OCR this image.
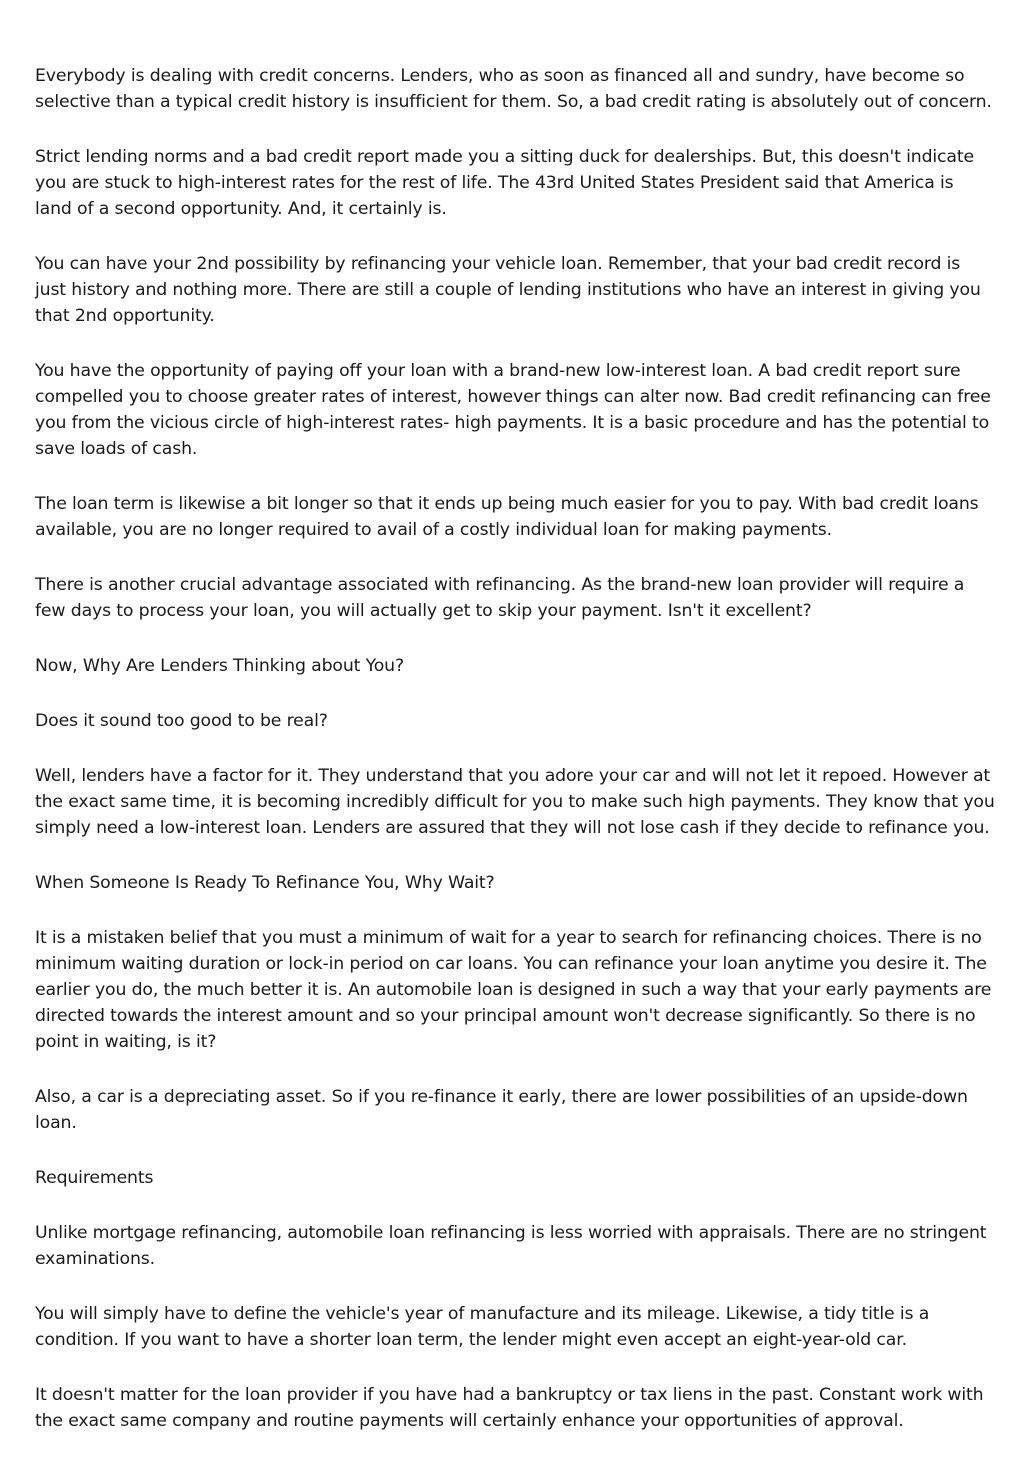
Everybody is dealing with credit concerns. Lenders, who as soon as financed all and sundry, have become so selective than a typical credit history is insufficient for them. So, a bad credit rating is absolutely out of concern.

Strict lending norms and a bad credit report made you a sitting duck for dealerships. But, this doesn't indicate you are stuck to high-interest rates for the rest of life. The 43rd United States President said that America is land of a second opportunity. And, it certainly is.

You can have your 2nd possibility by refinancing your vehicle loan. Remember, that your bad credit record is just history and nothing more. There are still a couple of lending institutions who have an interest in giving you that 2nd opportunity.

You have the opportunity of paying off your loan with a brand-new low-interest loan. A bad credit report sure compelled you to choose greater rates of interest, however things can alter now. Bad credit refinancing can free you from the vicious circle of high-interest rates- high payments. It is a basic procedure and has the potential to save loads of cash.

The loan term is likewise a bit longer so that it ends up being much easier for you to pay. With bad credit loans available, you are no longer required to avail of a costly individual loan for making payments.

There is another crucial advantage associated with refinancing. As the brand-new loan provider will require a few days to process your loan, you will actually get to skip your payment. Isn't it excellent?

Now, Why Are Lenders Thinking about You?

Does it sound too good to be real?

Well, lenders have a factor for it. They understand that you adore your car and will not let it repoed. However at the exact same time, it is becoming incredibly difficult for you to make such high payments. They know that you simply need a low-interest loan. Lenders are assured that they will not lose cash if they decide to refinance you.

When Someone Is Ready To Refinance You, Why Wait?

It is a mistaken belief that you must a minimum of wait for a year to search for refinancing choices. There is no minimum waiting duration or lock-in period on car loans. You can refinance your loan anytime you desire it. The earlier you do, the much better it is. An automobile loan is designed in such a way that your early payments are directed towards the interest amount and so your principal amount won't decrease significantly. So there is no point in waiting, is it?

Also, a car is a depreciating asset. So if you re-finance it early, there are lower possibilities of an upside-down loan.

Requirements

Unlike mortgage refinancing, automobile loan refinancing is less worried with appraisals. There are no stringent examinations.

You will simply have to define the vehicle's year of manufacture and its mileage. Likewise, a tidy title is a condition. If you want to have a shorter loan term, the lender might even accept an eight-year-old car.

It doesn't matter for the loan provider if you have had a bankruptcy or tax liens in the past. Constant work with the exact same company and routine payments will certainly enhance your opportunities of approval.
